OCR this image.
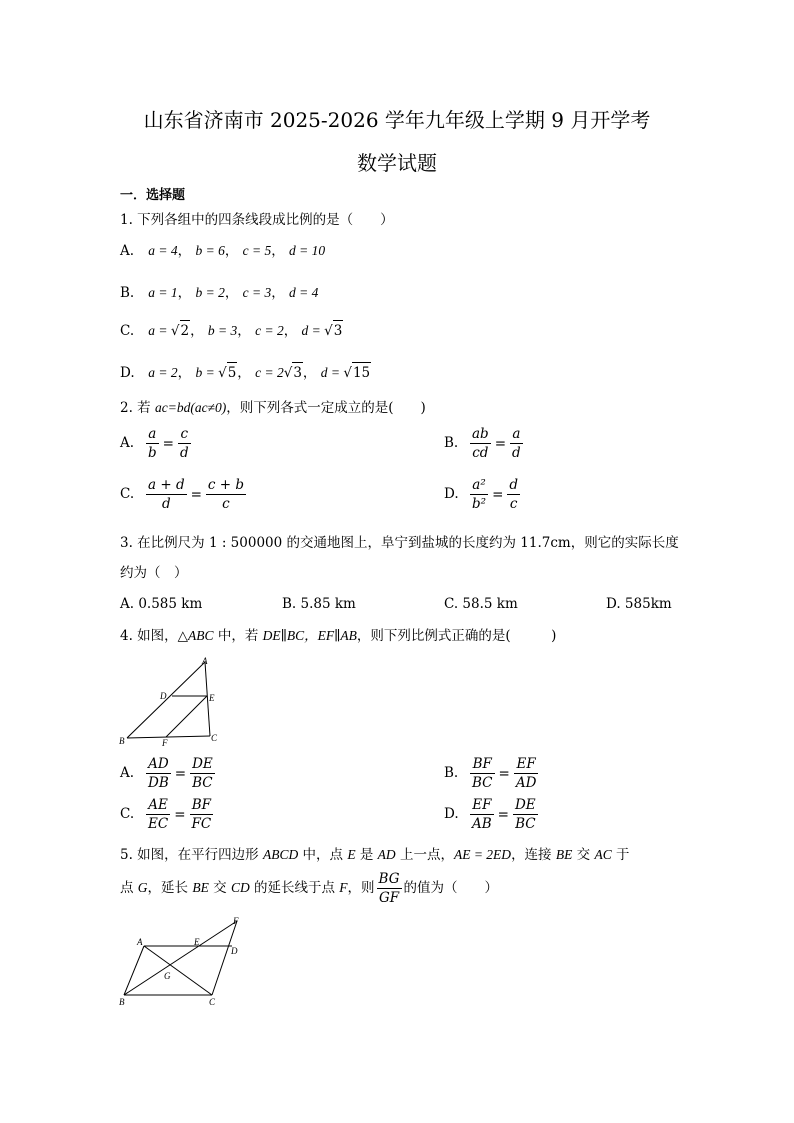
山东省济南市 2025-2026 学年九年级上学期 9 月开学考
数学试题
一．选择题
1. 下列各组中的四条线段成比例的是（　　）
A. a = 4， b = 6， c = 5， d = 10
B. a = 1， b = 2， c = 3， d = 4
C. a = √2， b = 3， c = 2， d = √3
D. a = 2， b = √5， c = 2√3， d = √15
2. 若 ac=bd(ac≠0)，则下列各式一定成立的是(　　)
A. $\frac{a}{b} = \frac{c}{d}$	B. $\frac{ab}{cd} = \frac{a}{d}$
C. $\frac{a + d}{d} = \frac{c + b}{c}$	D. $\frac{\text{a²}}{\text{b²}} = \frac{d}{c}$
3. 在比例尺为 1 : 500000 的交通地图上，阜宁到盐城的长度约为 11.7cm，则它的实际长度
约为（　）
A. 0.585 km	B. 5.85 km	C. 58.5 km	D. 585km
4. 如图，△ABC 中，若 DE∥BC，EF∥AB，则下列比例式正确的是(　　　)
A
D	E
B	F	C
A. $\frac{AD}{DB} = \frac{DE}{BC}$	B. $\frac{BF}{BC} = \frac{EF}{AD}$
C. $\frac{AE}{EC} = \frac{BF}{FC}$	D. $\frac{EF}{AB} = \frac{DE}{BC}$
5. 如图，在平行四边形 ABCD 中，点 E 是 AD 上一点，AE = 2ED，连接 BE 交 AC 于
点 G，延长 BE 交 CD 的延长线于点 F，则 $\frac{BG}{GF}$ 的值为（　　）
A	E
D
F
G
B	C
